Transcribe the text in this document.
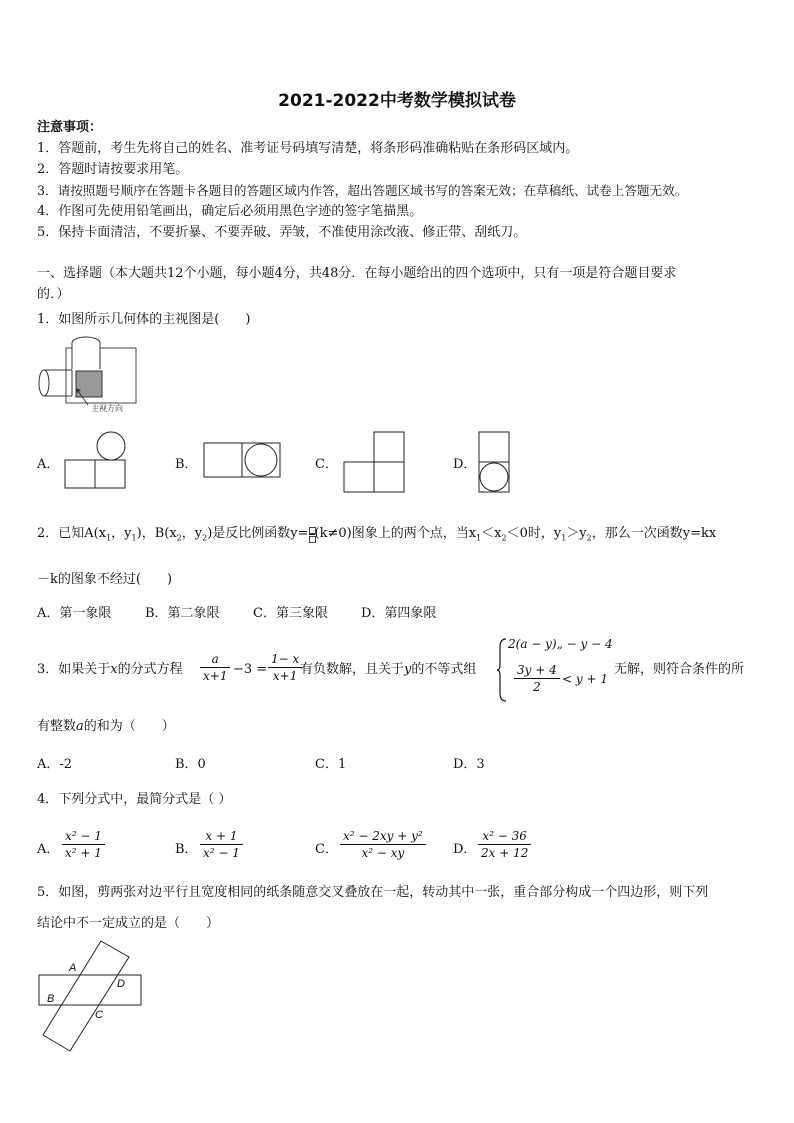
2021-2022中考数学模拟试卷
注意事项：
1．答题前，考生先将自己的姓名、准考证号码填写清楚，将条形码准确粘贴在条形码区域内。
2．答题时请按要求用笔。
3．请按照题号顺序在答题卡各题目的答题区域内作答，超出答题区域书写的答案无效；在草稿纸、试卷上答题无效。
4．作图可先使用铅笔画出，确定后必须用黑色字迹的签字笔描黑。
5．保持卡面清洁，不要折暴、不要弄破、弄皱，不准使用涂改液、修正带、刮纸刀。
一、选择题（本大题共12个小题，每小题4分，共48分．在每小题给出的四个选项中，只有一项是符合题目要求
的．）
1．如图所示几何体的主视图是(　　)
主视方向
A．	B．	C．	D．
2．已知$A(x_1$，$y_1$)，$B(x_2$，$y_2$)是反比例函数y= (k≠0)图象上的两个点，当$x_1<x_2<0$时，$y_1>y_2$，那么一次函数y=kx
－k的图象不经过(　　)
A．第一象限	B．第二象限	C．第三象限	D．第四象限
3．如果关于x的分式方程
a
x+1 −3 =
1− x
x+1 有负数解，且关于y的不等式组
2(a − y)„ − y − 4
3y + 4
2
< y + 1
无解，则符合条件的所
有整数a的和为（　　）
A．-2	B．0	C．1	D．3
4．下列分式中，最简分式是（ ）
A．
x² − 1
x² + 1	B．
x + 1
x² − 1	C．
x² − 2xy + y²
x² − xy	D．
x² − 36
2x + 12
5．如图，剪两张对边平行且宽度相同的纸条随意交叉叠放在一起，转动其中一张，重合部分构成一个四边形，则下列
结论中不一定成立的是（　　）
A
B
C
D
